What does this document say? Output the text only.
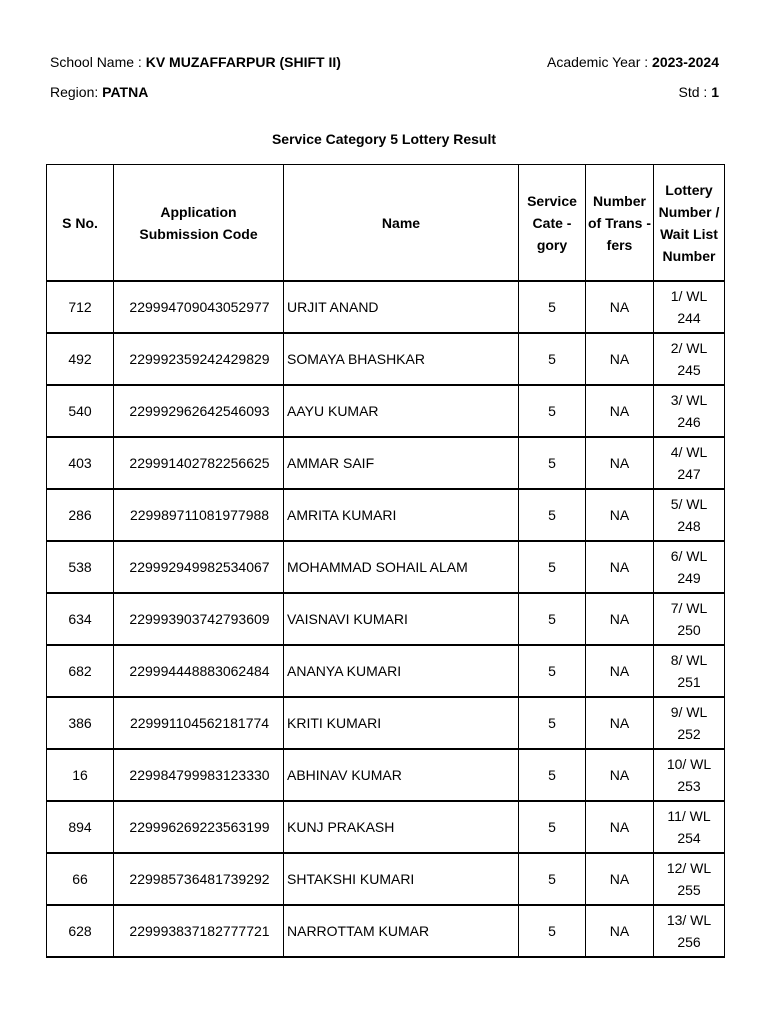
School Name : KV MUZAFFARPUR (SHIFT II)	Academic Year : 2023-2024
Region: PATNA	Std : 1
Service Category 5 Lottery Result
S No.	Application Submission Code	Name	Service Cate - gory	Number of Trans -fers	Lottery Number / Wait List Number

712	229994709043052977	URJIT ANAND	5	NA	1/ WL 244
492	229992359242429829	SOMAYA BHASHKAR	5	NA	2/ WL 245
540	229992962642546093	AAYU KUMAR	5	NA	3/ WL 246
403	229991402782256625	AMMAR SAIF	5	NA	4/ WL 247
286	229989711081977988	AMRITA KUMARI	5	NA	5/ WL 248
538	229992949982534067	MOHAMMAD SOHAIL ALAM	5	NA	6/ WL 249
634	229993903742793609	VAISNAVI KUMARI	5	NA	7/ WL 250
682	229994448883062484	ANANYA KUMARI	5	NA	8/ WL 251
386	229991104562181774	KRITI KUMARI	5	NA	9/ WL 252
16	229984799983123330	ABHINAV KUMAR	5	NA	10/ WL 253
894	229996269223563199	KUNJ PRAKASH	5	NA	11/ WL 254
66	229985736481739292	SHTAKSHI KUMARI	5	NA	12/ WL 255
628	229993837182777721	NARROTTAM KUMAR	5	NA	13/ WL 256
